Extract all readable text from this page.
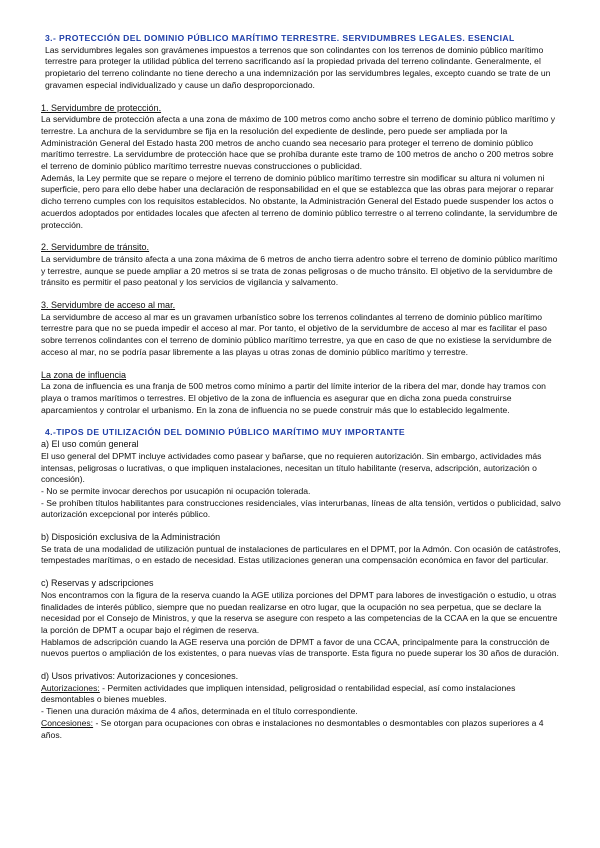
3.- PROTECCIÓN DEL DOMINIO PÚBLICO MARÍTIMO TERRESTRE. SERVIDUMBRES LEGALES. ESENCIAL

Las servidumbres legales son gravámenes impuestos a terrenos que son colindantes con los terrenos de dominio público marítimo terrestre para proteger la utilidad pública del terreno sacrificando así la propiedad privada del terreno colindante. Generalmente, el propietario del terreno colindante no tiene derecho a una indemnización por las servidumbres legales, excepto cuando se trate de un gravamen especial individualizado y cause un daño desproporcionado.

1. Servidumbre de protección.

La servidumbre de protección afecta a una zona de máximo de 100 metros como ancho sobre el terreno de dominio público marítimo y terrestre. La anchura de la servidumbre se fija en la resolución del expediente de deslinde, pero puede ser ampliada por la Administración General del Estado hasta 200 metros de ancho cuando sea necesario para proteger el terreno de dominio público marítimo terrestre. La servidumbre de protección hace que se prohíba durante este tramo de 100 metros de ancho o 200 metros sobre el terreno de dominio público marítimo terrestre nuevas construcciones o publicidad.

Además, la Ley permite que se repare o mejore el terreno de dominio público marítimo terrestre sin modificar su altura ni volumen ni superficie, pero para ello debe haber una declaración de responsabilidad en el que se establezca que las obras para mejorar o reparar dicho terreno cumples con los requisitos establecidos. No obstante, la Administración General del Estado puede suspender los actos o acuerdos adoptados por entidades locales que afecten al terreno de dominio público terrestre o al terreno colindante, la servidumbre de protección.

2. Servidumbre de tránsito.

La servidumbre de tránsito afecta a una zona máxima de 6 metros de ancho tierra adentro sobre el terreno de dominio público marítimo y terrestre, aunque se puede ampliar a 20 metros si se trata de zonas peligrosas o de mucho tránsito. El objetivo de la servidumbre de tránsito es permitir el paso peatonal y los servicios de vigilancia y salvamento.

3. Servidumbre de acceso al mar.

La servidumbre de acceso al mar es un gravamen urbanístico sobre los terrenos colindantes al terreno de dominio público marítimo terrestre para que no se pueda impedir el acceso al mar. Por tanto, el objetivo de la servidumbre de acceso al mar es facilitar el paso sobre terrenos colindantes con el terreno de dominio público marítimo terrestre, ya que en caso de que no existiese la servidumbre de acceso al mar, no se podría pasar libremente a las playas u otras zonas de dominio público marítimo y terrestre.

La zona de influencia

La zona de influencia es una franja de 500 metros como mínimo a partir del límite interior de la ribera del mar, donde hay tramos con playa o tramos marítimos o terrestres. El objetivo de la zona de influencia es asegurar que en dicha zona pueda construirse aparcamientos y controlar el urbanismo. En la zona de influencia no se puede construir más que lo establecido legalmente.

4.-TIPOS DE UTILIZACIÓN DEL DOMINIO PÚBLICO MARÍTIMO MUY IMPORTANTE

a) El uso común general

El uso general del DPMT incluye actividades como pasear y bañarse, que no requieren autorización. Sin embargo, actividades más intensas, peligrosas o lucrativas, o que impliquen instalaciones, necesitan un título habilitante (reserva, adscripción, autorización o concesión).

- No se permite invocar derechos por usucapión ni ocupación tolerada.

- Se prohíben títulos habilitantes para construcciones residenciales, vías interurbanas, líneas de alta tensión, vertidos o publicidad, salvo autorización excepcional por interés público.

b) Disposición exclusiva de la Administración

Se trata de una modalidad de utilización puntual de instalaciones de particulares en el DPMT, por la Admón. Con ocasión de catástrofes, tempestades marítimas, o en estado de necesidad. Estas utilizaciones generan una compensación económica en favor del particular.

c) Reservas y adscripciones

Nos encontramos con la figura de la reserva cuando la AGE utiliza porciones del DPMT para labores de investigación o estudio, u otras finalidades de interés público, siempre que no puedan realizarse en otro lugar, que la ocupación no sea perpetua, que se declare la necesidad por el Consejo de Ministros, y que la reserva se asegure con respeto a las competencias de la CCAA en la que se encuentre la porción de DPMT a ocupar bajo el régimen de reserva.

Hablamos de adscripción cuando la AGE reserva una porción de DPMT a favor de una CCAA, principalmente para la construcción de nuevos puertos o ampliación de los existentes, o para nuevas vías de transporte. Esta figura no puede superar los 30 años de duración.

d) Usos privativos: Autorizaciones y concesiones.

Autorizaciones: - Permiten actividades que impliquen intensidad, peligrosidad o rentabilidad especial, así como instalaciones desmontables o bienes muebles.

- Tienen una duración máxima de 4 años, determinada en el título correspondiente.

Concesiones: - Se otorgan para ocupaciones con obras e instalaciones no desmontables o desmontables con plazos superiores a 4 años.
